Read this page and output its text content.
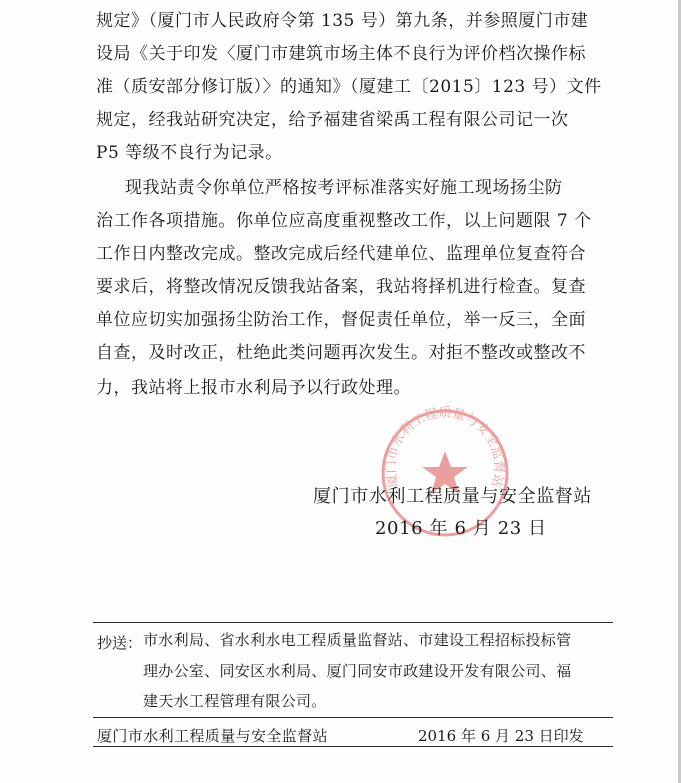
规定》（厦门市人民政府令第 135 号）第九条，并参照厦门市建
设局《关于印发〈厦门市建筑市场主体不良行为评价档次操作标
准（质安部分修订版）〉的通知》（厦建工〔2015〕123 号）文件
规定，经我站研究决定，给予福建省梁禹工程有限公司记一次
P5 等级不良行为记录。
现我站责令你单位严格按考评标准落实好施工现场扬尘防
治工作各项措施。你单位应高度重视整改工作，以上问题限 7 个
工作日内整改完成。整改完成后经代建单位、监理单位复查符合
要求后，将整改情况反馈我站备案，我站将择机进行检查。复查
单位应切实加强扬尘防治工作，督促责任单位，举一反三，全面
自查，及时改正，杜绝此类问题再次发生。对拒不整改或整改不
力，我站将上报市水利局予以行政处理。
厦门市水利工程质量与安全监督站
厦门市水利工程质量与安全监督站
2016 年 6 月 23 日
抄送： 市水利局、省水利水电工程质量监督站、市建设工程招标投标管
理办公室、同安区水利局、厦门同安市政建设开发有限公司、福
建天水工程管理有限公司。
厦门市水利工程质量与安全监督站	2016 年 6 月 23 日印发
